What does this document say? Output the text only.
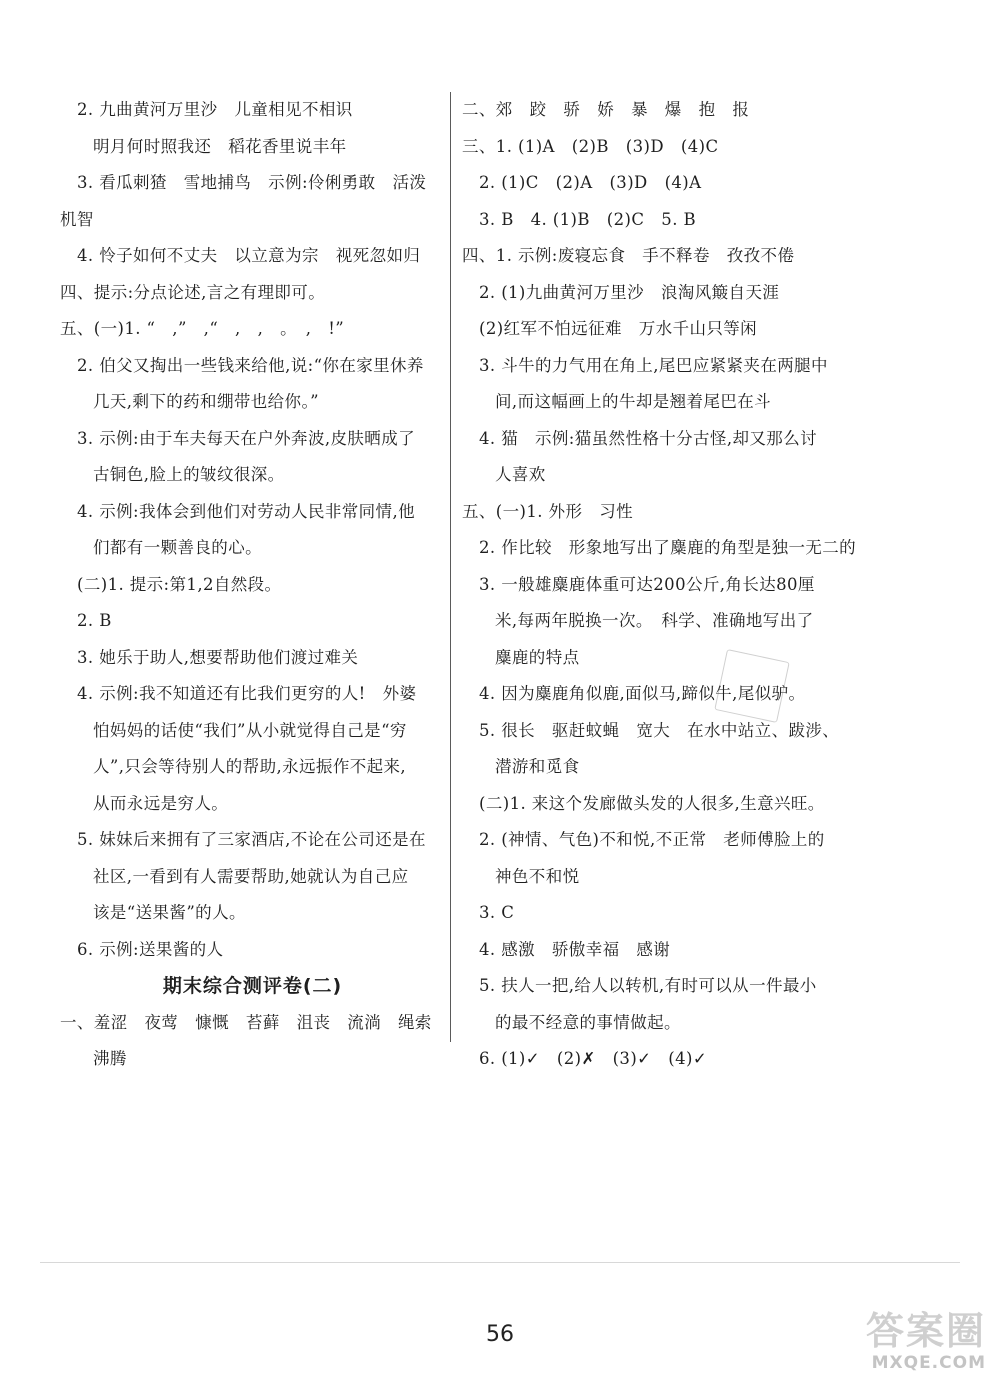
2. 九曲黄河万里沙　儿童相见不相识
明月何时照我还　稻花香里说丰年
3. 看瓜刺猹　雪地捕鸟　示例:伶俐勇敢　活泼
机智
4. 怜子如何不丈夫　以立意为宗　视死忽如归
四、提示:分点论述,言之有理即可。
五、(一)1. “　,”　,“　,　,　。　,　!”
2. 伯父又掏出一些钱来给他,说:“你在家里休养
几天,剩下的药和绷带也给你。”
3. 示例:由于车夫每天在户外奔波,皮肤晒成了
古铜色,脸上的皱纹很深。
4. 示例:我体会到他们对劳动人民非常同情,他
们都有一颗善良的心。
(二)1. 提示:第1,2自然段。
2. B
3. 她乐于助人,想要帮助他们渡过难关
4. 示例:我不知道还有比我们更穷的人!　外婆
怕妈妈的话使“我们”从小就觉得自己是“穷
人”,只会等待别人的帮助,永远振作不起来,
从而永远是穷人。
5. 妹妹后来拥有了三家酒店,不论在公司还是在
社区,一看到有人需要帮助,她就认为自己应
该是“送果酱”的人。
6. 示例:送果酱的人
期末综合测评卷(二)
一、羞涩　夜莺　慷慨　苔藓　沮丧　流淌　绳索
沸腾
二、郊　跤　骄　娇　暴　爆　抱　报
三、1. (1)A　(2)B　(3)D　(4)C
2. (1)C　(2)A　(3)D　(4)A
3. B　4. (1)B　(2)C　5. B
四、1. 示例:废寝忘食　手不释卷　孜孜不倦
2. (1)九曲黄河万里沙　浪淘风簸自天涯
(2)红军不怕远征难　万水千山只等闲
3. 斗牛的力气用在角上,尾巴应紧紧夹在两腿中
间,而这幅画上的牛却是翘着尾巴在斗
4. 猫　示例:猫虽然性格十分古怪,却又那么讨
人喜欢
五、(一)1. 外形　习性
2. 作比较　形象地写出了麋鹿的角型是独一无二的
3. 一般雄麋鹿体重可达200公斤,角长达80厘
米,每两年脱换一次。　科学、准确地写出了
麋鹿的特点
4. 因为麋鹿角似鹿,面似马,蹄似牛,尾似驴。
5. 很长　驱赶蚊蝇　宽大　在水中站立、跋涉、
潜游和觅食
(二)1. 来这个发廊做头发的人很多,生意兴旺。
2. (神情、气色)不和悦,不正常　老师傅脸上的
神色不和悦
3. C
4. 感激　骄傲幸福　感谢
5. 扶人一把,给人以转机,有时可以从一件最小
的最不经意的事情做起。
6. (1)✓　(2)✗　(3)✓　(4)✓
56	答案圈
MXQE.COM
